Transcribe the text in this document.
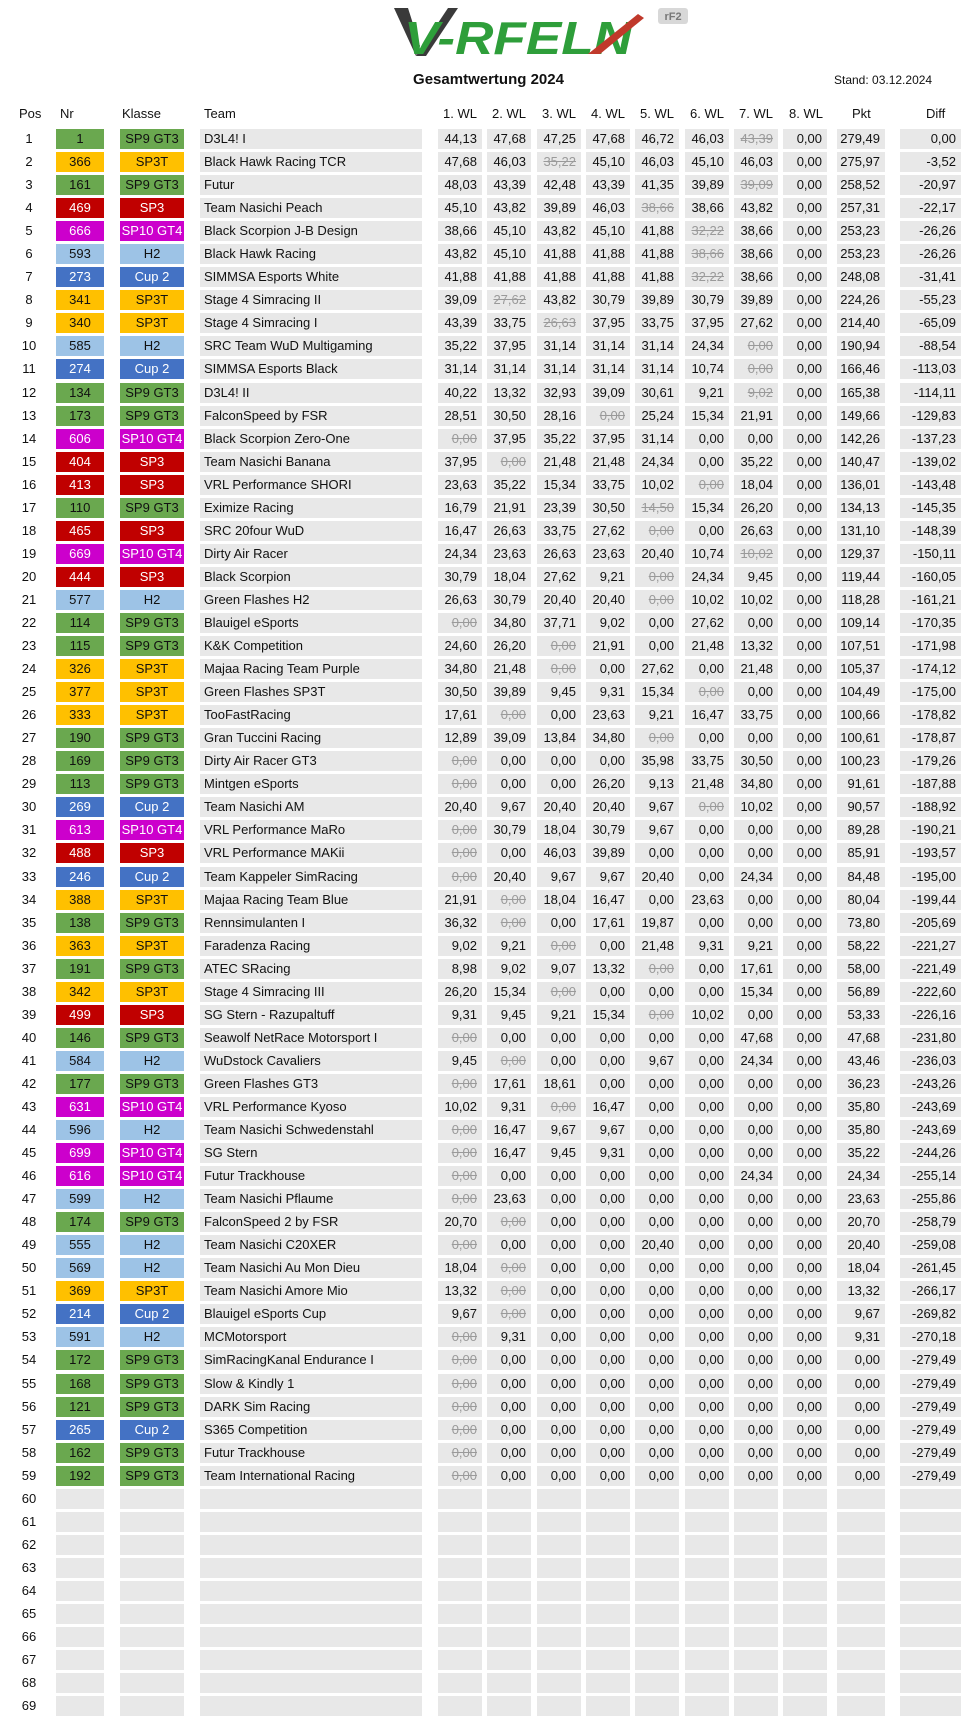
V-RFELN	rF2
Gesamtwertung 2024	Stand: 03.12.2024
Pos Nr	Klasse	Team	1. WL 2. WL 3. WL 4. WL 5. WL 6. WL 7. WL 8. WL Pkt	Diff
1	1	SP9 GT3	D3L4! I	44,13	47,68	47,25	47,68	46,72	46,03	43,39	0,00	279,49	0,00
2	366	SP3T	Black Hawk Racing TCR	47,68	46,03	35,22	45,10	46,03	45,10	46,03	0,00	275,97	-3,52
3	161	SP9 GT3	Futur	48,03	43,39	42,48	43,39	41,35	39,89	39,09	0,00	258,52	-20,97
4	469	SP3	Team Nasichi Peach	45,10	43,82	39,89	46,03	38,66	38,66	43,82	0,00	257,31	-22,17
5	666	SP10 GT4	Black Scorpion J-B Design	38,66	45,10	43,82	45,10	41,88	32,22	38,66	0,00	253,23	-26,26
6	593	H2	Black Hawk Racing	43,82	45,10	41,88	41,88	41,88	38,66	38,66	0,00	253,23	-26,26
7	273	Cup 2	SIMMSA Esports White	41,88	41,88	41,88	41,88	41,88	32,22	38,66	0,00	248,08	-31,41
8	341	SP3T	Stage 4 Simracing II	39,09	27,62	43,82	30,79	39,89	30,79	39,89	0,00	224,26	-55,23
9	340	SP3T	Stage 4 Simracing I	43,39	33,75	26,63	37,95	33,75	37,95	27,62	0,00	214,40	-65,09
10	585	H2	SRC Team WuD Multigaming	35,22	37,95	31,14	31,14	31,14	24,34	0,00	0,00	190,94	-88,54
11	274	Cup 2	SIMMSA Esports Black	31,14	31,14	31,14	31,14	31,14	10,74	0,00	0,00	166,46	-113,03
12	134	SP9 GT3	D3L4! II	40,22	13,32	32,93	39,09	30,61	9,21	9,02	0,00	165,38	-114,11
13	173	SP9 GT3	FalconSpeed by FSR	28,51	30,50	28,16	0,00	25,24	15,34	21,91	0,00	149,66	-129,83
14	606	SP10 GT4	Black Scorpion Zero-One	0,00	37,95	35,22	37,95	31,14	0,00	0,00	0,00	142,26	-137,23
15	404	SP3	Team Nasichi Banana	37,95	0,00	21,48	21,48	24,34	0,00	35,22	0,00	140,47	-139,02
16	413	SP3	VRL Performance SHORI	23,63	35,22	15,34	33,75	10,02	0,00	18,04	0,00	136,01	-143,48
17	110	SP9 GT3	Eximize Racing	16,79	21,91	23,39	30,50	14,50	15,34	26,20	0,00	134,13	-145,35
18	465	SP3	SRC 20four WuD	16,47	26,63	33,75	27,62	0,00	0,00	26,63	0,00	131,10	-148,39
19	669	SP10 GT4	Dirty Air Racer	24,34	23,63	26,63	23,63	20,40	10,74	10,02	0,00	129,37	-150,11
20	444	SP3	Black Scorpion	30,79	18,04	27,62	9,21	0,00	24,34	9,45	0,00	119,44	-160,05
21	577	H2	Green Flashes H2	26,63	30,79	20,40	20,40	0,00	10,02	10,02	0,00	118,28	-161,21
22	114	SP9 GT3	Blauigel eSports	0,00	34,80	37,71	9,02	0,00	27,62	0,00	0,00	109,14	-170,35
23	115	SP9 GT3	K&K Competition	24,60	26,20	0,00	21,91	0,00	21,48	13,32	0,00	107,51	-171,98
24	326	SP3T	Majaa Racing Team Purple	34,80	21,48	0,00	0,00	27,62	0,00	21,48	0,00	105,37	-174,12
25	377	SP3T	Green Flashes SP3T	30,50	39,89	9,45	9,31	15,34	0,00	0,00	0,00	104,49	-175,00
26	333	SP3T	TooFastRacing	17,61	0,00	0,00	23,63	9,21	16,47	33,75	0,00	100,66	-178,82
27	190	SP9 GT3	Gran Tuccini Racing	12,89	39,09	13,84	34,80	0,00	0,00	0,00	0,00	100,61	-178,87
28	169	SP9 GT3	Dirty Air Racer GT3	0,00	0,00	0,00	0,00	35,98	33,75	30,50	0,00	100,23	-179,26
29	113	SP9 GT3	Mintgen eSports	0,00	0,00	0,00	26,20	9,13	21,48	34,80	0,00	91,61	-187,88
30	269	Cup 2	Team Nasichi AM	20,40	9,67	20,40	20,40	9,67	0,00	10,02	0,00	90,57	-188,92
31	613	SP10 GT4	VRL Performance MaRo	0,00	30,79	18,04	30,79	9,67	0,00	0,00	0,00	89,28	-190,21
32	488	SP3	VRL Performance MAKii	0,00	0,00	46,03	39,89	0,00	0,00	0,00	0,00	85,91	-193,57
33	246	Cup 2	Team Kappeler SimRacing	0,00	20,40	9,67	9,67	20,40	0,00	24,34	0,00	84,48	-195,00
34	388	SP3T	Majaa Racing Team Blue	21,91	0,00	18,04	16,47	0,00	23,63	0,00	0,00	80,04	-199,44
35	138	SP9 GT3	Rennsimulanten I	36,32	0,00	0,00	17,61	19,87	0,00	0,00	0,00	73,80	-205,69
36	363	SP3T	Faradenza Racing	9,02	9,21	0,00	0,00	21,48	9,31	9,21	0,00	58,22	-221,27
37	191	SP9 GT3	ATEC SRacing	8,98	9,02	9,07	13,32	0,00	0,00	17,61	0,00	58,00	-221,49
38	342	SP3T	Stage 4 Simracing III	26,20	15,34	0,00	0,00	0,00	0,00	15,34	0,00	56,89	-222,60
39	499	SP3	SG Stern - Razupaltuff	9,31	9,45	9,21	15,34	0,00	10,02	0,00	0,00	53,33	-226,16
40	146	SP9 GT3	Seawolf NetRace Motorsport I	0,00	0,00	0,00	0,00	0,00	0,00	47,68	0,00	47,68	-231,80
41	584	H2	WuDstock Cavaliers	9,45	0,00	0,00	0,00	9,67	0,00	24,34	0,00	43,46	-236,03
42	177	SP9 GT3	Green Flashes GT3	0,00	17,61	18,61	0,00	0,00	0,00	0,00	0,00	36,23	-243,26
43	631	SP10 GT4	VRL Performance Kyoso	10,02	9,31	0,00	16,47	0,00	0,00	0,00	0,00	35,80	-243,69
44	596	H2	Team Nasichi Schwedenstahl	0,00	16,47	9,67	9,67	0,00	0,00	0,00	0,00	35,80	-243,69
45	699	SP10 GT4	SG Stern	0,00	16,47	9,45	9,31	0,00	0,00	0,00	0,00	35,22	-244,26
46	616	SP10 GT4	Futur Trackhouse	0,00	0,00	0,00	0,00	0,00	0,00	24,34	0,00	24,34	-255,14
47	599	H2	Team Nasichi Pflaume	0,00	23,63	0,00	0,00	0,00	0,00	0,00	0,00	23,63	-255,86
48	174	SP9 GT3	FalconSpeed 2 by FSR	20,70	0,00	0,00	0,00	0,00	0,00	0,00	0,00	20,70	-258,79
49	555	H2	Team Nasichi C20XER	0,00	0,00	0,00	0,00	20,40	0,00	0,00	0,00	20,40	-259,08
50	569	H2	Team Nasichi Au Mon Dieu	18,04	0,00	0,00	0,00	0,00	0,00	0,00	0,00	18,04	-261,45
51	369	SP3T	Team Nasichi Amore Mio	13,32	0,00	0,00	0,00	0,00	0,00	0,00	0,00	13,32	-266,17
52	214	Cup 2	Blauigel eSports Cup	9,67	0,00	0,00	0,00	0,00	0,00	0,00	0,00	9,67	-269,82
53	591	H2	MCMotorsport	0,00	9,31	0,00	0,00	0,00	0,00	0,00	0,00	9,31	-270,18
54	172	SP9 GT3	SimRacingKanal Endurance I	0,00	0,00	0,00	0,00	0,00	0,00	0,00	0,00	0,00	-279,49
55	168	SP9 GT3	Slow & Kindly 1	0,00	0,00	0,00	0,00	0,00	0,00	0,00	0,00	0,00	-279,49
56	121	SP9 GT3	DARK Sim Racing	0,00	0,00	0,00	0,00	0,00	0,00	0,00	0,00	0,00	-279,49
57	265	Cup 2	S365 Competition	0,00	0,00	0,00	0,00	0,00	0,00	0,00	0,00	0,00	-279,49
58	162	SP9 GT3	Futur Trackhouse	0,00	0,00	0,00	0,00	0,00	0,00	0,00	0,00	0,00	-279,49
59	192	SP9 GT3	Team International Racing	0,00	0,00	0,00	0,00	0,00	0,00	0,00	0,00	0,00	-279,49
60
61
62
63
64
65
66
67
68
69
